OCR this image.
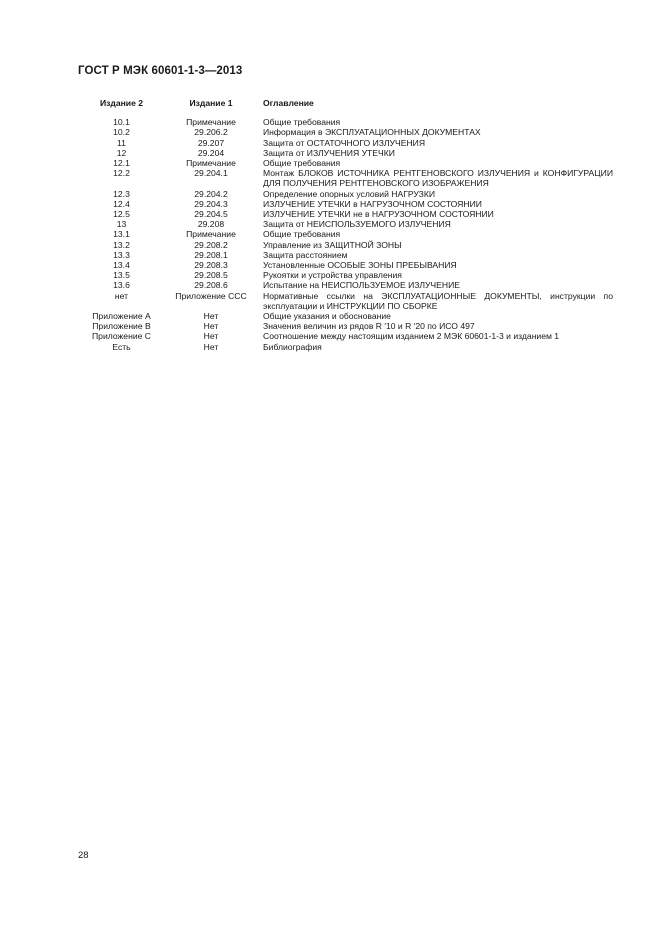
ГОСТ Р МЭК 60601-1-3—2013
Издание 2	Издание 1	Оглавление
10.1	Примечание	Общие требования
10.2	29.206.2	Информация в ЭКСПЛУАТАЦИОННЫХ ДОКУМЕНТАХ
11	29.207	Защита от ОСТАТОЧНОГО ИЗЛУЧЕНИЯ
12	29.204	Защита от ИЗЛУЧЕНИЯ УТЕЧКИ
12.1	Примечание	Общие требования
12.2	29.204.1	Монтаж БЛОКОВ ИСТОЧНИКА РЕНТГЕНОВСКОГО ИЗЛУЧЕНИЯ и КОНФИГУРАЦИИ ДЛЯ ПОЛУЧЕНИЯ РЕНТГЕНОВСКОГО ИЗОБРАЖЕНИЯ
12.3	29.204.2	Определение опорных условий НАГРУЗКИ
12.4	29.204.3	ИЗЛУЧЕНИЕ УТЕЧКИ в НАГРУЗОЧНОМ СОСТОЯНИИ
12.5	29.204.5	ИЗЛУЧЕНИЕ УТЕЧКИ не в НАГРУЗОЧНОМ СОСТОЯНИИ
13	29.208	Защита от НЕИСПОЛЬЗУЕМОГО ИЗЛУЧЕНИЯ
13.1	Примечание	Общие требования
13.2	29.208.2	Управление из ЗАЩИТНОЙ ЗОНЫ
13.3	29.208.1	Защита расстоянием
13.4	29.208.3	Установленные ОСОБЫЕ ЗОНЫ ПРЕБЫВАНИЯ
13.5	29.208.5	Рукоятки и устройства управления
13.6	29.208.6	Испытание на НЕИСПОЛЬЗУЕМОЕ ИЗЛУЧЕНИЕ
нет	Приложение ССС	Нормативные ссылки на ЭКСПЛУАТАЦИОННЫЕ ДОКУМЕНТЫ, инструкции по эксплуатации и ИНСТРУКЦИИ ПО СБОРКЕ
Приложение А	Нет	Общие указания и обоснование
Приложение В	Нет	Значения величин из рядов R ′10 и R ′20 по ИСО 497
Приложение С	Нет	Соотношение между настоящим изданием 2 МЭК 60601-1-3 и изданием 1
Есть	Нет	Библиография
28
